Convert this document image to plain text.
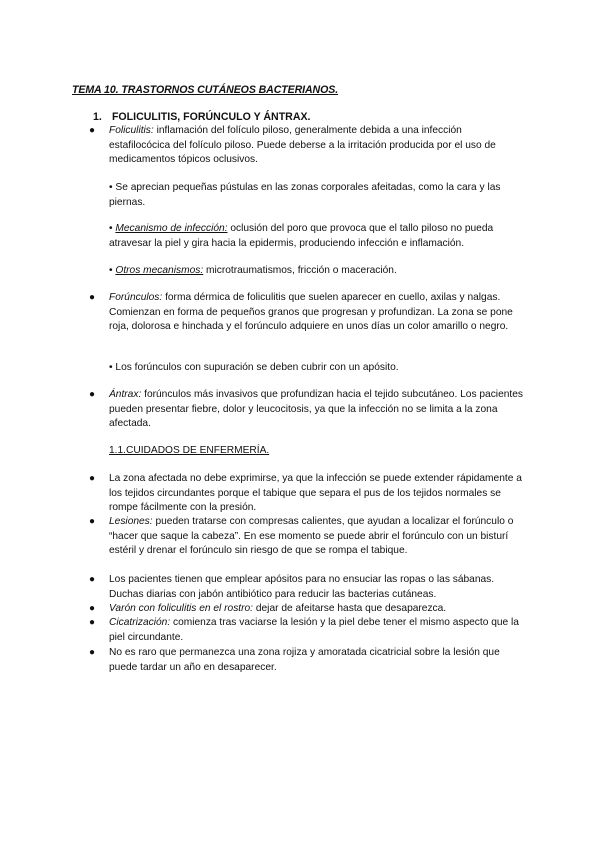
TEMA 10. TRASTORNOS CUTÁNEOS BACTERIANOS.
1. FOLICULITIS, FORÚNCULO Y ÁNTRAX.
●	Foliculitis: inflamación del folículo piloso, generalmente debida a una infección estafilocócica del folículo piloso. Puede deberse a la irritación producida por el uso de medicamentos tópicos oclusivos.
• Se aprecian pequeñas pústulas en las zonas corporales afeitadas, como la cara y las piernas.
• Mecanismo de infección: oclusión del poro que provoca que el tallo piloso no pueda atravesar la piel y gira hacia la epidermis, produciendo infección e inflamación.
• Otros mecanismos: microtraumatismos, fricción o maceración.
●	Forúnculos: forma dérmica de foliculitis que suelen aparecer en cuello, axilas y nalgas. Comienzan en forma de pequeños granos que progresan y profundizan. La zona se pone roja, dolorosa e hinchada y el forúnculo adquiere en unos días un color amarillo o negro.
• Los forúnculos con supuración se deben cubrir con un apósito.
●	Ántrax: forúnculos más invasivos que profundizan hacia el tejido subcutáneo. Los pacientes pueden presentar fiebre, dolor y leucocitosis, ya que la infección no se limita a la zona afectada.
1.1.CUIDADOS DE ENFERMERÍA.
●	La zona afectada no debe exprimirse, ya que la infección se puede extender rápidamente a los tejidos circundantes porque el tabique que separa el pus de los tejidos normales se rompe fácilmente con la presión.
●	Lesiones: pueden tratarse con compresas calientes, que ayudan a localizar el forúnculo o “hacer que saque la cabeza”. En ese momento se puede abrir el forúnculo con un bisturí estéril y drenar el forúnculo sin riesgo de que se rompa el tabique.
●	Los pacientes tienen que emplear apósitos para no ensuciar las ropas o las sábanas. Duchas diarias con jabón antibiótico para reducir las bacterias cutáneas.
●	Varón con foliculitis en el rostro: dejar de afeitarse hasta que desaparezca.
●	Cicatrización: comienza tras vaciarse la lesión y la piel debe tener el mismo aspecto que la piel circundante.
●	No es raro que permanezca una zona rojiza y amoratada cicatricial sobre la lesión que puede tardar un año en desaparecer.
